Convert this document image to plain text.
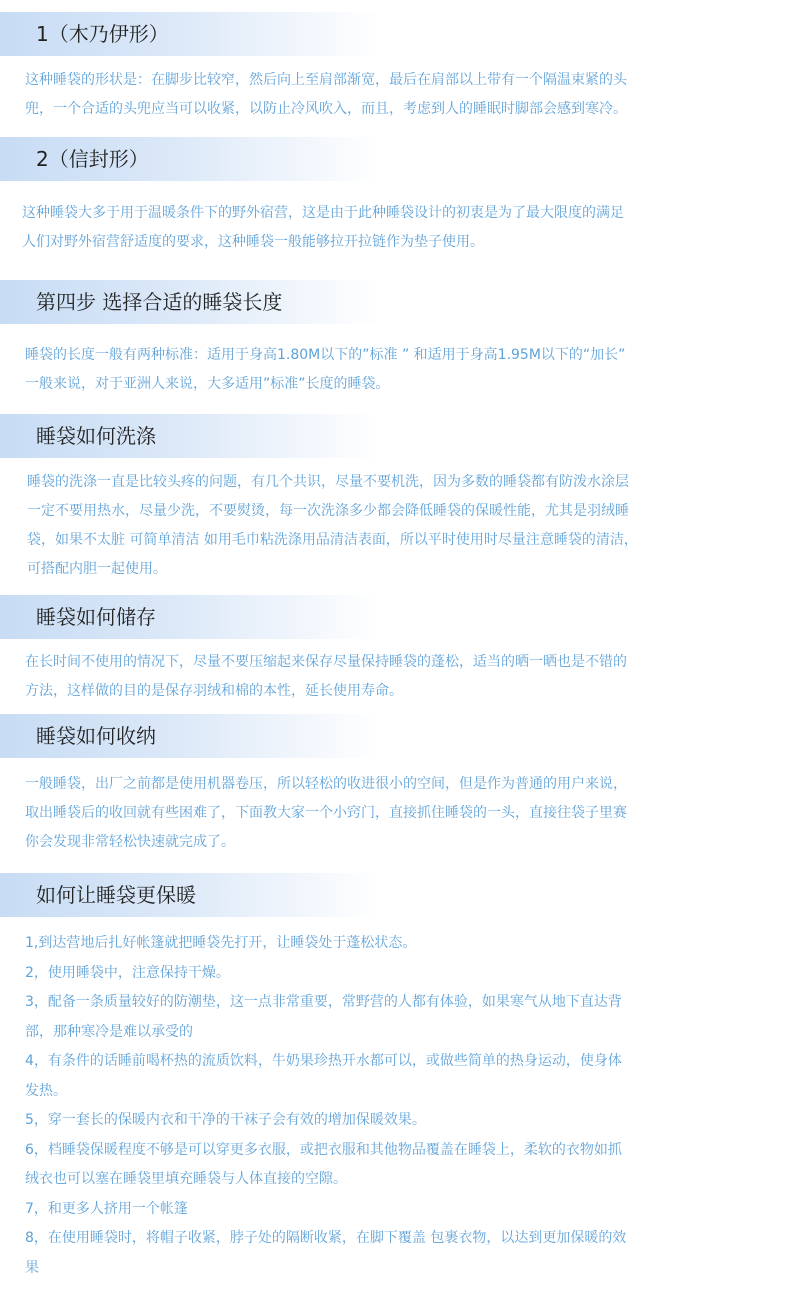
1（木乃伊形）

这种睡袋的形状是：在脚步比较窄，然后向上至肩部渐宽，最后在肩部以上带有一个隔温束紧的头

兜，一个合适的头兜应当可以收紧，以防止冷风吹入，而且，考虑到人的睡眠时脚部会感到寒冷。

2（信封形）

这种睡袋大多于用于温暖条件下的野外宿营，这是由于此种睡袋设计的初衷是为了最大限度的满足

人们对野外宿营舒适度的要求，这种睡袋一般能够拉开拉链作为垫子使用。

第四步 选择合适的睡袋长度

睡袋的长度一般有两种标准：适用于身高1.80M以下的”标准 ” 和适用于身高1.95M以下的“加长”

一般来说，对于亚洲人来说，大多适用”标准”长度的睡袋。

睡袋如何洗涤

睡袋的洗涤一直是比较头疼的问题，有几个共识，尽量不要机洗，因为多数的睡袋都有防泼水涂层

一定不要用热水，尽量少洗，不要熨烫，每一次洗涤多少都会降低睡袋的保暖性能，尤其是羽绒睡

袋，如果不太脏 可简单清洁 如用毛巾粘洗涤用品清洁表面，所以平时使用时尽量注意睡袋的清洁，

可搭配内胆一起使用。

睡袋如何储存

在长时间不使用的情况下，尽量不要压缩起来保存尽量保持睡袋的蓬松，适当的晒一晒也是不错的

方法，这样做的目的是保存羽绒和棉的本性，延长使用寿命。

睡袋如何收纳

一般睡袋，出厂之前都是使用机器卷压，所以轻松的收进很小的空间，但是作为普通的用户来说，

取出睡袋后的收回就有些困难了，下面教大家一个小窍门，直接抓住睡袋的一头，直接往袋子里赛

你会发现非常轻松快速就完成了。

如何让睡袋更保暖

1,到达营地后扎好帐篷就把睡袋先打开，让睡袋处于蓬松状态。

2，使用睡袋中，注意保持干燥。

3，配备一条质量较好的防潮垫，这一点非常重要，常野营的人都有体验，如果寒气从地下直达背

部，那种寒冷是难以承受的

4，有条件的话睡前喝杯热的流质饮料，牛奶果珍热开水都可以，或做些简单的热身运动，使身体

发热。

5，穿一套长的保暖内衣和干净的干袜子会有效的增加保暖效果。

6，档睡袋保暖程度不够是可以穿更多衣服，或把衣服和其他物品覆盖在睡袋上，柔软的衣物如抓

绒衣也可以塞在睡袋里填充睡袋与人体直接的空隙。

7，和更多人挤用一个帐篷

8，在使用睡袋时，将帽子收紧，脖子处的隔断收紧，在脚下覆盖 包裹衣物，以达到更加保暖的效

果
